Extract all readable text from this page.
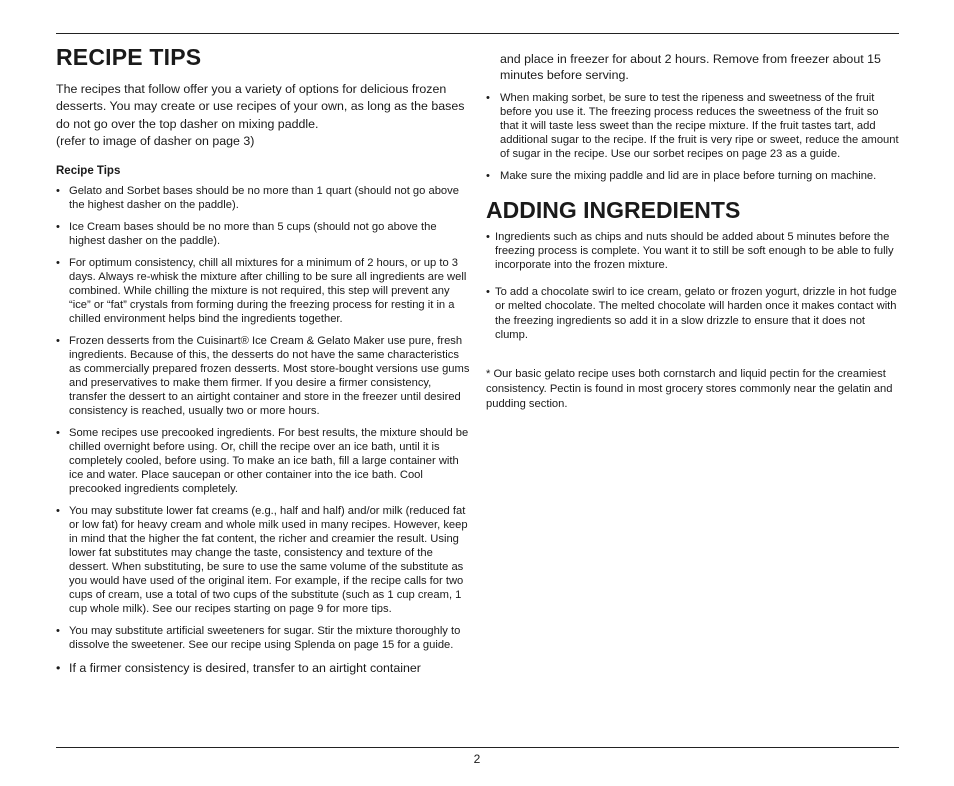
RECIPE TIPS

The recipes that follow offer you a variety of options for delicious frozen desserts. You may create or use recipes of your own, as long as the bases do not go over the top dasher on mixing paddle.

(refer to image of dasher on page 3)

Recipe Tips
• Gelato and Sorbet bases should be no more than 1 quart (should not go above the highest dasher on the paddle).
• Ice Cream bases should be no more than 5 cups (should not go above the highest dasher on the paddle).
• For optimum consistency, chill all mixtures for a minimum of 2 hours, or up to 3 days. Always re-whisk the mixture after chilling to be sure all ingredients are well combined. While chilling the mixture is not required, this step will prevent any “ice” or “fat” crystals from forming during the freezing process for resting it in a chilled environment helps bind the ingredients together.
• Frozen desserts from the Cuisinart® Ice Cream & Gelato Maker use pure, fresh ingredients. Because of this, the desserts do not have the same characteristics as commercially prepared frozen desserts. Most store-bought versions use gums and preservatives to make them firmer. If you desire a firmer consistency, transfer the dessert to an airtight container and store in the freezer until desired consistency is reached, usually two or more hours.
• Some recipes use precooked ingredients. For best results, the mixture should be chilled overnight before using. Or, chill the recipe over an ice bath, until it is completely cooled, before using. To make an ice bath, fill a large container with ice and water. Place saucepan or other container into the ice bath. Cool precooked ingredients completely.
• You may substitute lower fat creams (e.g., half and half) and/or milk (reduced fat or low fat) for heavy cream and whole milk used in many recipes. However, keep in mind that the higher the fat content, the richer and creamier the result. Using lower fat substitutes may change the taste, consistency and texture of the dessert. When substituting, be sure to use the same volume of the substitute as you would have used of the original item. For example, if the recipe calls for two cups of cream, use a total of two cups of the substitute (such as 1 cup cream, 1 cup whole milk). See our recipes starting on page 9 for more tips.
• You may substitute artificial sweeteners for sugar. Stir the mixture thoroughly to dissolve the sweetener. See our recipe using Splenda on page 15 for a guide.
• If a firmer consistency is desired, transfer to an airtight container
and place in freezer for about 2 hours. Remove from freezer about 15 minutes before serving.
• When making sorbet, be sure to test the ripeness and sweetness of the fruit before you use it. The freezing process reduces the sweetness of the fruit so that it will taste less sweet than the recipe mixture. If the fruit tastes tart, add additional sugar to the recipe. If the fruit is very ripe or sweet, reduce the amount of sugar in the recipe. Use our sorbet recipes on page 23 as a guide.
• Make sure the mixing paddle and lid are in place before turning on machine.
ADDING INGREDIENTS
• Ingredients such as chips and nuts should be added about 5 minutes before the freezing process is complete. You want it to still be soft enough to be able to fully incorporate into the frozen mixture.
• To add a chocolate swirl to ice cream, gelato or frozen yogurt, drizzle in hot fudge or melted chocolate. The melted chocolate will harden once it makes contact with the freezing ingredients so add it in a slow drizzle to ensure that it does not clump.
* Our basic gelato recipe uses both cornstarch and liquid pectin for the creamiest consistency. Pectin is found in most grocery stores commonly near the gelatin and pudding section.
2
